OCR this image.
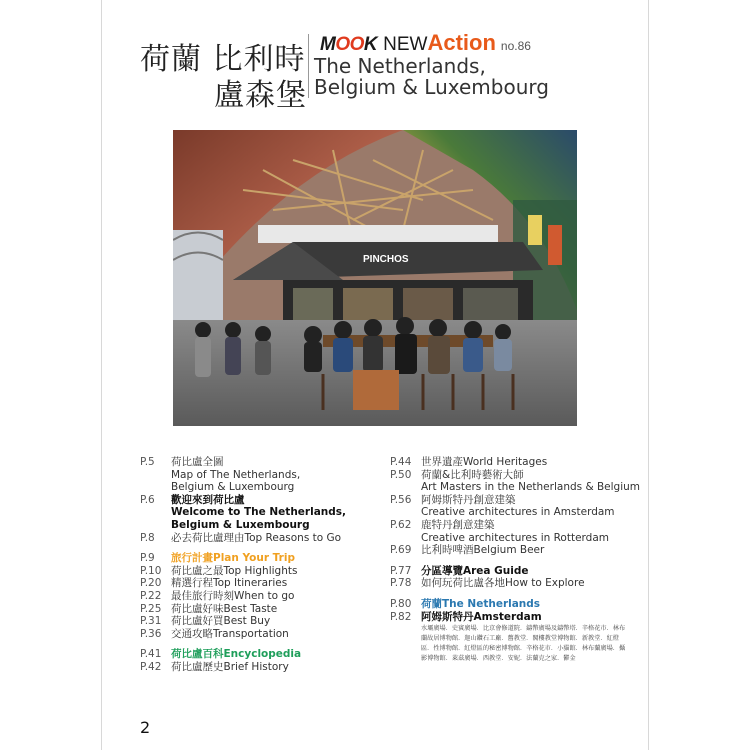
荷蘭 比利時
盧森堡
MOOK NEW Action no.86
The Netherlands,
Belgium & Luxembourg
PINCHOS
P.5	荷比盧全圖
Map of The Netherlands,
Belgium & Luxembourg
P.6	歡迎來到荷比盧
Welcome to The Netherlands,
Belgium & Luxembourg
P.8	必去荷比盧理由Top Reasons to Go
P.9	旅行計畫Plan Your Trip
P.10 荷比盧之最Top Highlights
P.20 精選行程Top Itineraries
P.22 最佳旅行時刻When to go
P.25 荷比盧好味Best Taste
P.31 荷比盧好買Best Buy
P.36 交通攻略Transportation
P.41 荷比盧百科Encyclopedia
P.42 荷比盧歷史Brief History
P.44 世界遺產World Heritages
P.50 荷蘭&比利時藝術大師
Art Masters in the Netherlands & Belgium
P.56 阿姆斯特丹創意建築
Creative architectures in Amsterdam
P.62 鹿特丹創意建築
Creative architectures in Rotterdam
P.69 比利時啤酒Belgium Beer
P.77 分區導覽Area Guide
P.78 如何玩荷比盧各地How to Explore
P.80 荷蘭The Netherlands
P.82 阿姆斯特丹Amsterdam
水壩廣場．史賓廣場．比京會修道院．鑄幣廣場及鑄幣塔．辛格花市．林布蘭故居博物館．迦山鑽石工廠．舊教堂．閣樓教堂博物館．新教堂．紅燈區．性博物館．紅燈區的秘密博物館．辛格花市．小貓館．林布蘭廣場．攝影博物館．萊茲廣場．西教堂．安妮．法蘭克之家．鬱金
2
